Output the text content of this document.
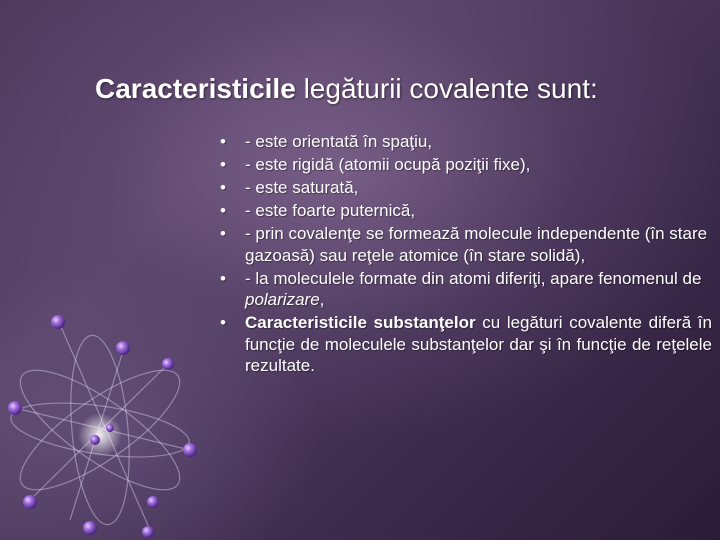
Caracteristicile legăturii covalente sunt:
• - este orientată în spaţiu,
• - este rigidă (atomii ocupă poziţii fixe),
• - este saturată,
• - este foarte puternică,
• - prin covalenţe se formează molecule independente (în stare gazoasă) sau reţele atomice (în stare solidă),
• - la moleculele formate din atomi diferiţi, apare fenomenul de polarizare,
• Caracteristicile substanţelor cu legături covalente diferă în funcţie de moleculele substanţelor dar şi în funcţie de reţelele rezultate.
